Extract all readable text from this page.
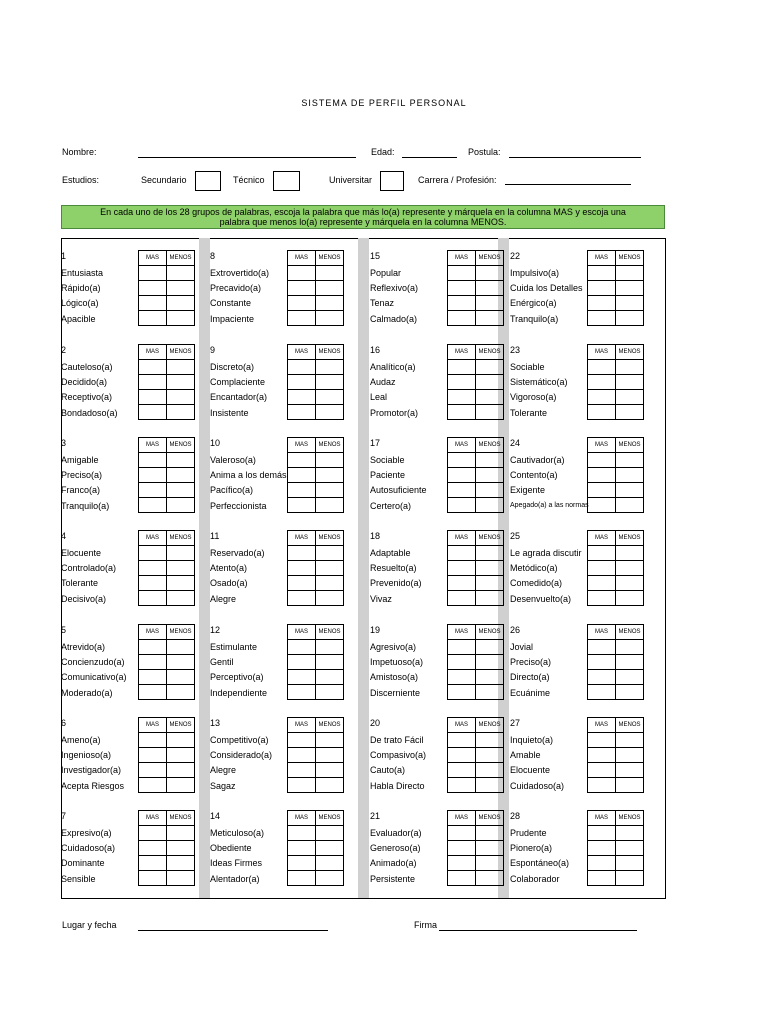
SISTEMA DE PERFIL PERSONAL
Nombre:	Edad:	Postula:
Estudios:	Secundario	Técnico	Universitar	Carrera / Profesión:
En cada uno de los 28 grupos de palabras, escoja la palabra que más lo(a) represente y márquela en la columna MAS y escoja una
palabra que menos lo(a) represente y márquela en la columna MENOS.
1
Entusiasta
Rápido(a)
Lógico(a)
Apacible
MAS	MENOS

2
Cauteloso(a)
Decidido(a)
Receptivo(a)
Bondadoso(a)
MAS	MENOS

3
Amigable
Preciso(a)
Franco(a)
Tranquilo(a)
MAS	MENOS

4
Elocuente
Controlado(a)
Tolerante
Decisivo(a)
MAS	MENOS

5
Atrevido(a)
Concienzudo(a)
Comunicativo(a)
Moderado(a)
MAS	MENOS

6
Ameno(a)
Ingenioso(a)
Investigador(a)
Acepta Riesgos
MAS	MENOS

7
Expresivo(a)
Cuidadoso(a)
Dominante
Sensible
MAS	MENOS

8
Extrovertido(a)
Precavido(a)
Constante
Impaciente
MAS	MENOS

9
Discreto(a)
Complaciente
Encantador(a)
Insistente
MAS	MENOS

10
Valeroso(a)
Anima a los demás
Pacífico(a)
Perfeccionista
MAS	MENOS

11
Reservado(a)
Atento(a)
Osado(a)
Alegre
MAS	MENOS

12
Estimulante
Gentil
Perceptivo(a)
Independiente
MAS	MENOS

13
Competitivo(a)
Considerado(a)
Alegre
Sagaz
MAS	MENOS

14
Meticuloso(a)
Obediente
Ideas Firmes
Alentador(a)
MAS	MENOS

15
Popular
Reflexivo(a)
Tenaz
Calmado(a)
MAS	MENOS

16
Analítico(a)
Audaz
Leal
Promotor(a)
MAS	MENOS

17
Sociable
Paciente
Autosuficiente
Certero(a)
MAS	MENOS

18
Adaptable
Resuelto(a)
Prevenido(a)
Vivaz
MAS	MENOS

19
Agresivo(a)
Impetuoso(a)
Amistoso(a)
Discerniente
MAS	MENOS

20
De trato Fácil
Compasivo(a)
Cauto(a)
Habla Directo
MAS	MENOS

21
Evaluador(a)
Generoso(a)
Animado(a)
Persistente
MAS	MENOS

22
Impulsivo(a)
Cuida los Detalles
Enérgico(a)
Tranquilo(a)
MAS	MENOS

23
Sociable
Sistemático(a)
Vigoroso(a)
Tolerante
MAS	MENOS

24
Cautivador(a)
Contento(a)
Exigente
Apegado(a) a las normas
MAS	MENOS

25
Le agrada discutir
Metódico(a)
Comedido(a)
Desenvuelto(a)
MAS	MENOS

26
Jovial
Preciso(a)
Directo(a)
Ecuánime
MAS	MENOS

27
Inquieto(a)
Amable
Elocuente
Cuidadoso(a)
MAS	MENOS

28
Prudente
Pionero(a)
Espontáneo(a)
Colaborador
MAS	MENOS

Lugar y fecha	Firma
